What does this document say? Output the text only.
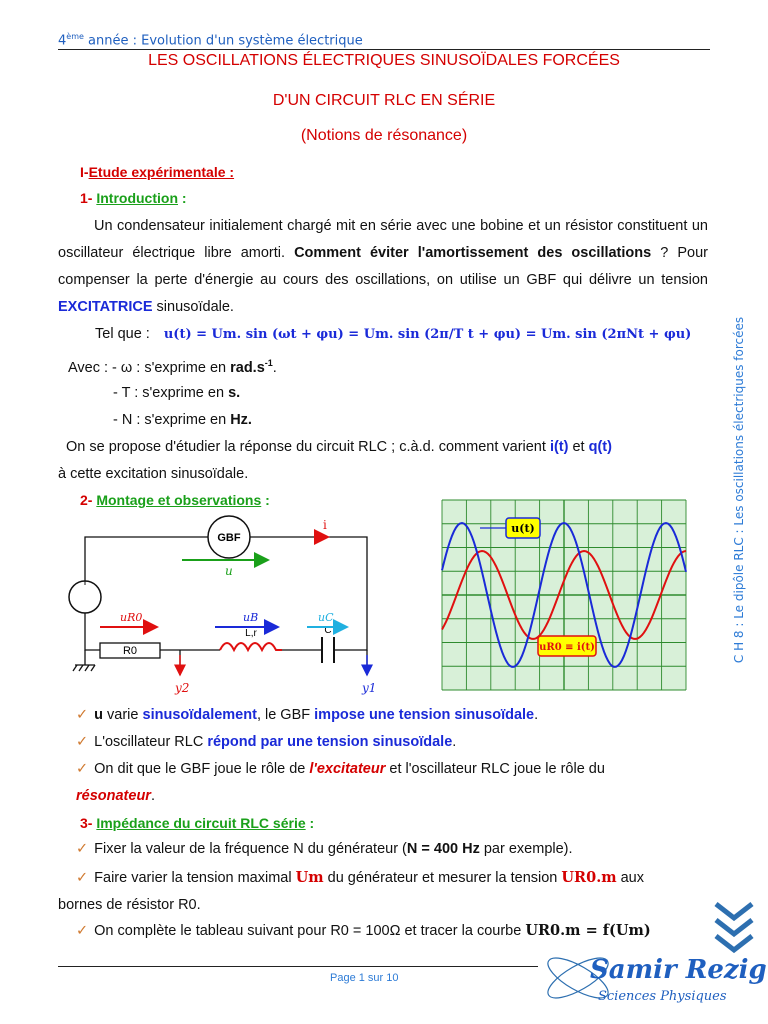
4ème année : Evolution d'un système électrique
LES OSCILLATIONS ÉLECTRIQUES SINUSOÏDALES FORCÉES
D'UN CIRCUIT RLC EN SÉRIE
(Notions de résonance)
I-Etude expérimentale :
1- Introduction :
Un condensateur initialement chargé mit en série avec une bobine et un résistor constituent un oscillateur électrique libre amorti. Comment éviter l'amortissement des oscillations ? Pour compenser la perte d'énergie au cours des oscillations, on utilise un GBF qui délivre un tension EXCITATRICE sinusoïdale.
Tel que : u(t) = Um. sin (ωt + φu) = Um. sin (2π/T t + φu) = Um. sin (2πNt + φu)
Avec : - ω : s'exprime en $rad.s^{-1}$.
- T : s'exprime en s.
- N : s'exprime en Hz.
On se propose d'étudier la réponse du circuit RLC ; c.à.d. comment varient i(t) et q(t)
à cette excitation sinusoïdale.
2- Montage et observations :
GBF
R0
L,r	C
i
u
uR0	uB	uC
y2	y1
u(t)
uR0 ≡ i(t)
✓ u varie sinusoïdalement, le GBF impose une tension sinusoïdale.
✓ L'oscillateur RLC répond par une tension sinusoïdale.
✓ On dit que le GBF joue le rôle de l'excitateur et l'oscillateur RLC joue le rôle du
résonateur.
3- Impédance du circuit RLC série :
✓ Fixer la valeur de la fréquence N du générateur (N = 400 Hz par exemple).
✓ Faire varier la tension maximal Um du générateur et mesurer la tension UR0.m aux
bornes de résistor R0.
✓ On complète le tableau suivant pour R0 = 100Ω et tracer la courbe UR0.m = f(Um)
C H 8 : Le dipôle RLC : Les oscillations électriques forcées
Page 1 sur 10	Samir Rezig
Sciences Physiques
